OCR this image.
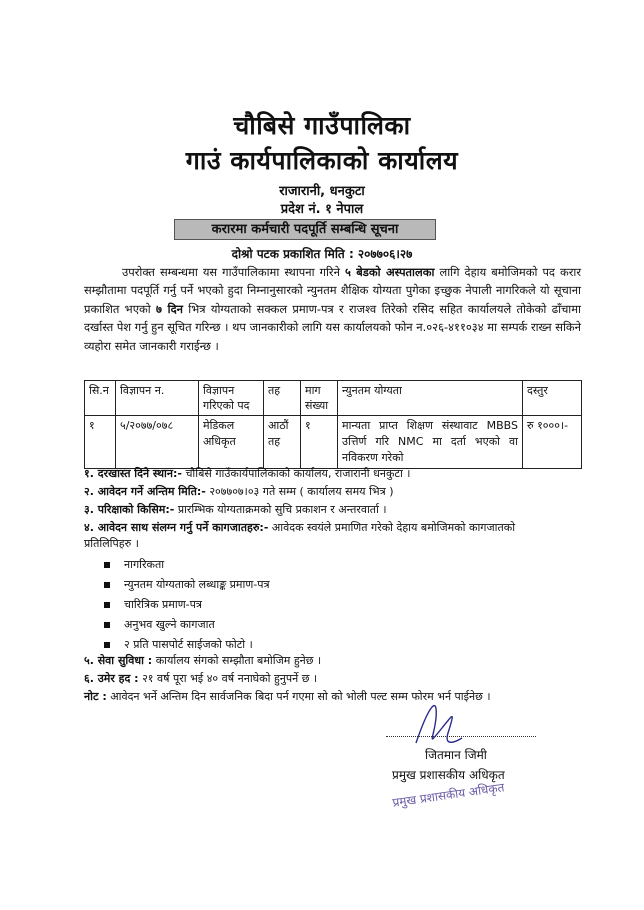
चौबिसे गाउँपालिका
गाउं कार्यपालिकाको कार्यालय
राजारानी, धनकुटा
प्रदेश नं. १ नेपाल
करारमा कर्मचारी पदपूर्ति सम्बन्धि सूचना
दोश्रो पटक प्रकाशित मिति : २०७७०६।२७
उपरोक्त सम्बन्धमा यस गाउँपालिकामा स्थापना गरिने ५ बेडको अस्पतालका लागि देहाय बमोजिमको पद करार सम्झौतामा पदपूर्ति गर्नु पर्ने भएको हुदा निम्नानुसारको न्युनतम शैक्षिक योग्यता पुगेका इच्छुक नेपाली नागरिकले यो सूचाना प्रकाशित भएको ७ दिन भित्र योग्यताको सक्कल प्रमाण-पत्र र राजश्व तिरेको रसिद सहित कार्यालयले तोकेको ढाँचामा दर्खास्त पेश गर्नु हुन सूचित गरिन्छ । थप जानकारीको लागि यस कार्यालयको फोन न.०२६-४११०३४ मा सम्पर्क राख्न सकिने व्यहोरा समेत जानकारी गराईन्छ ।
सि.न	विज्ञापन न.	विज्ञापन गरिएको पद	तह	माग संख्या	न्युनतम योग्यता	दस्तुर
१	५/२०७७/०७८	मेडिकल अधिकृत	आठौं तह	१	मान्यता प्राप्त शिक्षण संस्थावाट MBBS उत्तिर्ण गरि NMC मा दर्ता भएको वा नविकरण गरेको	रु १०००।-
१. दरखास्त दिने स्थान:- चौबिसे गाउँकार्यपालिकाको कार्यालय, राजारानी धनकुटा ।
२. आवेदन गर्ने अन्तिम मिति:- २०७७०७।०३ गते सम्म ( कार्यालय समय भित्र )
३. परिक्षाको किसिम:- प्रारम्भिक योग्यताक्रमको सुचि प्रकाशन र अन्तरवार्ता ।
४. आवेदन साथ संलग्न गर्नु पर्ने कागजातहरु:- आवेदक स्वयंले प्रमाणित गरेको देहाय बमोजिमको कागजातको प्रतिलिपिहरु ।
नागरिकता
न्युनतम योग्यताको लब्धाङ्क प्रमाण-पत्र
चारित्रिक प्रमाण-पत्र
अनुभव खुल्ने कागजात
२ प्रति पासपोर्ट साईजको फोटो ।
५. सेवा सुविधा : कार्यालय संगको सम्झौता बमोजिम हुनेछ ।
६. उमेर हद : २१ वर्ष पूरा भई ४० वर्ष ननाघेको हुनुपर्ने छ ।
नोट : आवेदन भर्ने अन्तिम दिन सार्वजनिक बिदा पर्न गएमा सो को भोली पल्ट सम्म फोरम भर्न पाईनेछ ।
जितमान जिमी
प्रमुख प्रशासकीय अधिकृत
प्रमुख प्रशासकीय अधिकृत
